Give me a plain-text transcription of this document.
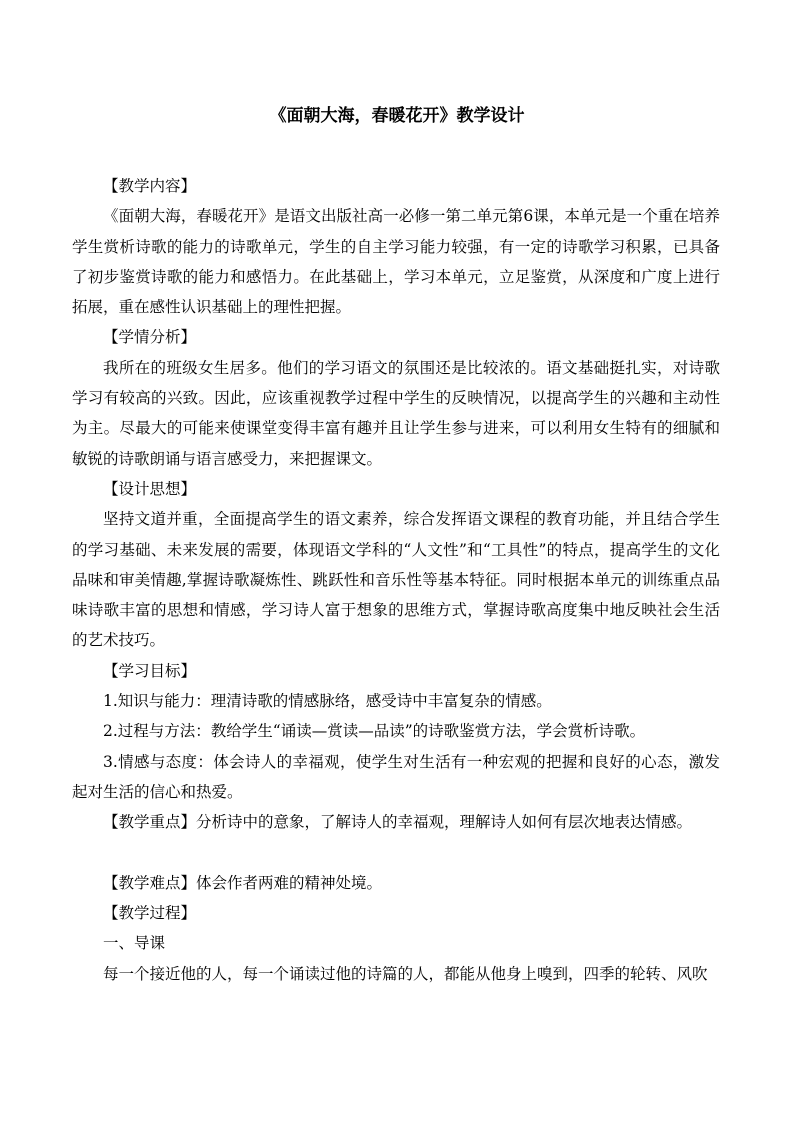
《面朝大海，春暖花开》教学设计

【教学内容】

《面朝大海，春暖花开》是语文出版社高一必修一第二单元第6课，本单元是一个重在培养学生赏析诗歌的能力的诗歌单元，学生的自主学习能力较强，有一定的诗歌学习积累，已具备了初步鉴赏诗歌的能力和感悟力。在此基础上，学习本单元，立足鉴赏，从深度和广度上进行拓展，重在感性认识基础上的理性把握。

【学情分析】

我所在的班级女生居多。他们的学习语文的氛围还是比较浓的。语文基础挺扎实，对诗歌学习有较高的兴致。因此，应该重视教学过程中学生的反映情况，以提高学生的兴趣和主动性为主。尽最大的可能来使课堂变得丰富有趣并且让学生参与进来，可以利用女生特有的细腻和敏锐的诗歌朗诵与语言感受力，来把握课文。

【设计思想】

坚持文道并重，全面提高学生的语文素养，综合发挥语文课程的教育功能，并且结合学生的学习基础、未来发展的需要，体现语文学科的“人文性”和“工具性”的特点，提高学生的文化品味和审美情趣,掌握诗歌凝炼性、跳跃性和音乐性等基本特征。同时根据本单元的训练重点品味诗歌丰富的思想和情感，学习诗人富于想象的思维方式，掌握诗歌高度集中地反映社会生活的艺术技巧。

【学习目标】

1.知识与能力：理清诗歌的情感脉络，感受诗中丰富复杂的情感。

2.过程与方法：教给学生“诵读—赏读—品读”的诗歌鉴赏方法，学会赏析诗歌。

3.情感与态度：体会诗人的幸福观，使学生对生活有一种宏观的把握和良好的心态，激发起对生活的信心和热爱。

【教学重点】分析诗中的意象，了解诗人的幸福观，理解诗人如何有层次地表达情感。

【教学难点】体会作者两难的精神处境。

【教学过程】

一、导课

每一个接近他的人，每一个诵读过他的诗篇的人，都能从他身上嗅到，四季的轮转、风吹
